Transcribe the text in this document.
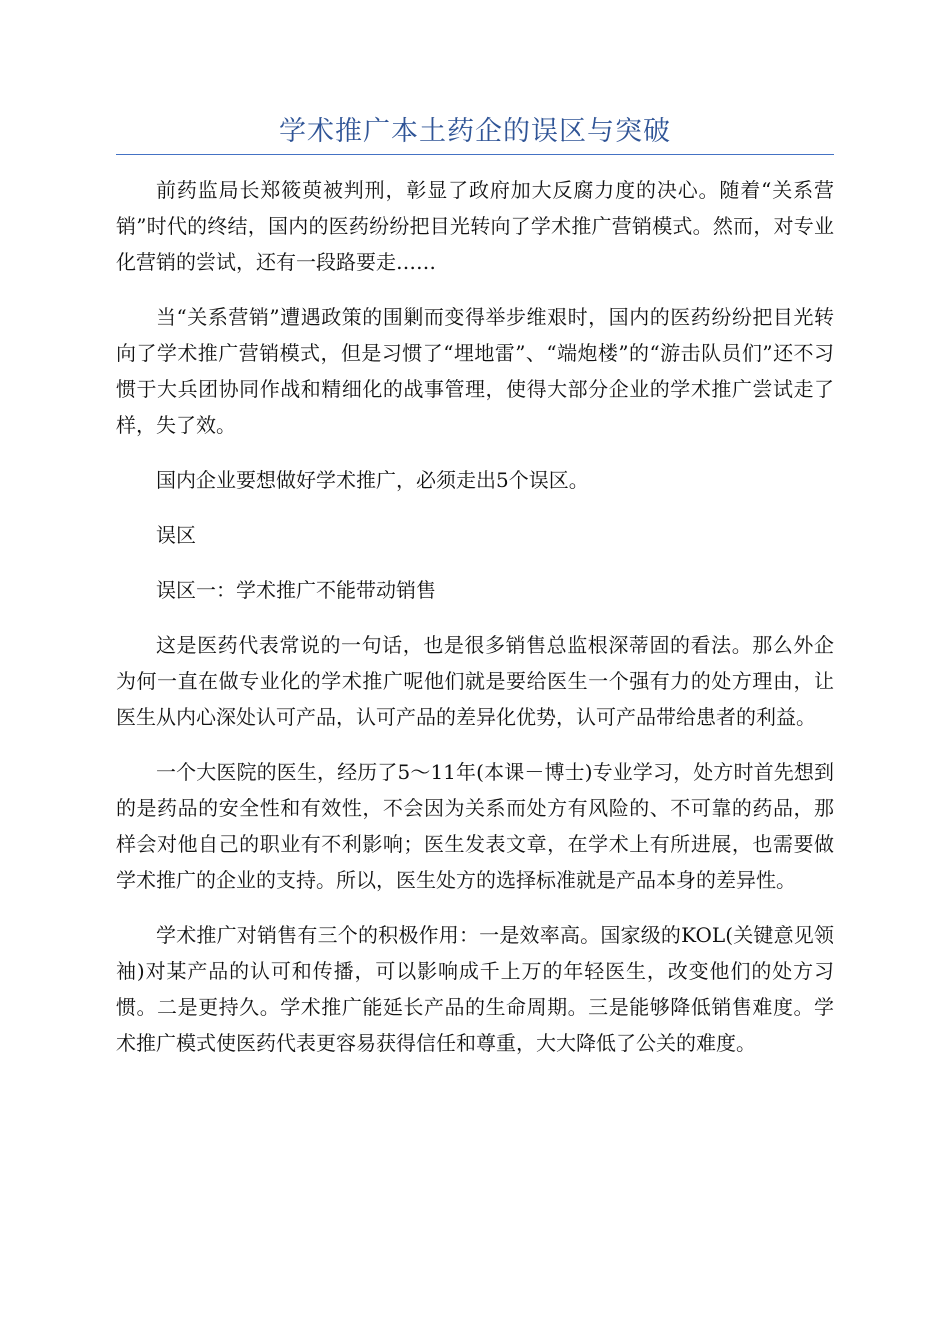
学术推广本土药企的误区与突破

前药监局长郑筱萸被判刑，彰显了政府加大反腐力度的决心。随着“关系营销”时代的终结，国内的医药纷纷把目光转向了学术推广营销模式。然而，对专业化营销的尝试，还有一段路要走……

当“关系营销”遭遇政策的围剿而变得举步维艰时，国内的医药纷纷把目光转向了学术推广营销模式，但是习惯了“埋地雷”、“端炮楼”的“游击队员们”还不习惯于大兵团协同作战和精细化的战事管理，使得大部分企业的学术推广尝试走了样，失了效。

国内企业要想做好学术推广，必须走出5个误区。

误区

误区一：学术推广不能带动销售

这是医药代表常说的一句话，也是很多销售总监根深蒂固的看法。那么外企为何一直在做专业化的学术推广呢他们就是要给医生一个强有力的处方理由，让医生从内心深处认可产品，认可产品的差异化优势，认可产品带给患者的利益。

一个大医院的医生，经历了5～11年(本课－博士)专业学习，处方时首先想到的是药品的安全性和有效性，不会因为关系而处方有风险的、不可靠的药品，那样会对他自己的职业有不利影响；医生发表文章，在学术上有所进展，也需要做学术推广的企业的支持。所以，医生处方的选择标准就是产品本身的差异性。

学术推广对销售有三个的积极作用：一是效率高。国家级的KOL(关键意见领袖)对某产品的认可和传播，可以影响成千上万的年轻医生，改变他们的处方习惯。二是更持久。学术推广能延长产品的生命周期。三是能够降低销售难度。学术推广模式使医药代表更容易获得信任和尊重，大大降低了公关的难度。
